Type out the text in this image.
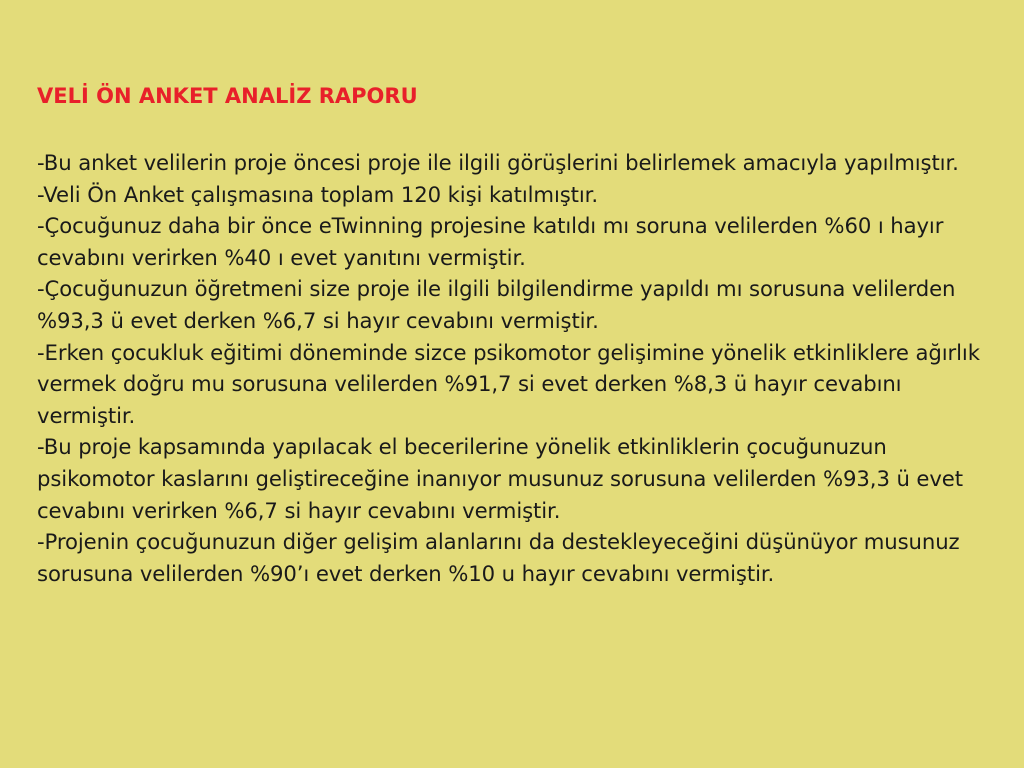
VELİ ÖN ANKET ANALİZ RAPORU
-Bu anket velilerin proje öncesi proje ile ilgili görüşlerini belirlemek amacıyla yapılmıştır.
-Veli Ön Anket çalışmasına toplam 120 kişi katılmıştır.
-Çocuğunuz daha bir önce eTwinning projesine katıldı mı soruna velilerden %60 ı hayır cevabını verirken %40 ı evet yanıtını vermiştir.
-Çocuğunuzun öğretmeni size proje ile ilgili bilgilendirme yapıldı mı sorusuna velilerden %93,3 ü evet derken %6,7 si hayır cevabını vermiştir.
-Erken çocukluk eğitimi döneminde sizce psikomotor gelişimine yönelik etkinliklere ağırlık vermek doğru mu sorusuna velilerden %91,7 si evet derken %8,3 ü hayır cevabını vermiştir.
-Bu proje kapsamında yapılacak el becerilerine yönelik etkinliklerin çocuğunuzun psikomotor kaslarını geliştireceğine inanıyor musunuz sorusuna velilerden %93,3 ü evet cevabını verirken %6,7 si hayır cevabını vermiştir.
-Projenin çocuğunuzun diğer gelişim alanlarını da destekleyeceğini düşünüyor musunuz sorusuna velilerden %90’ı evet derken %10 u hayır cevabını vermiştir.
